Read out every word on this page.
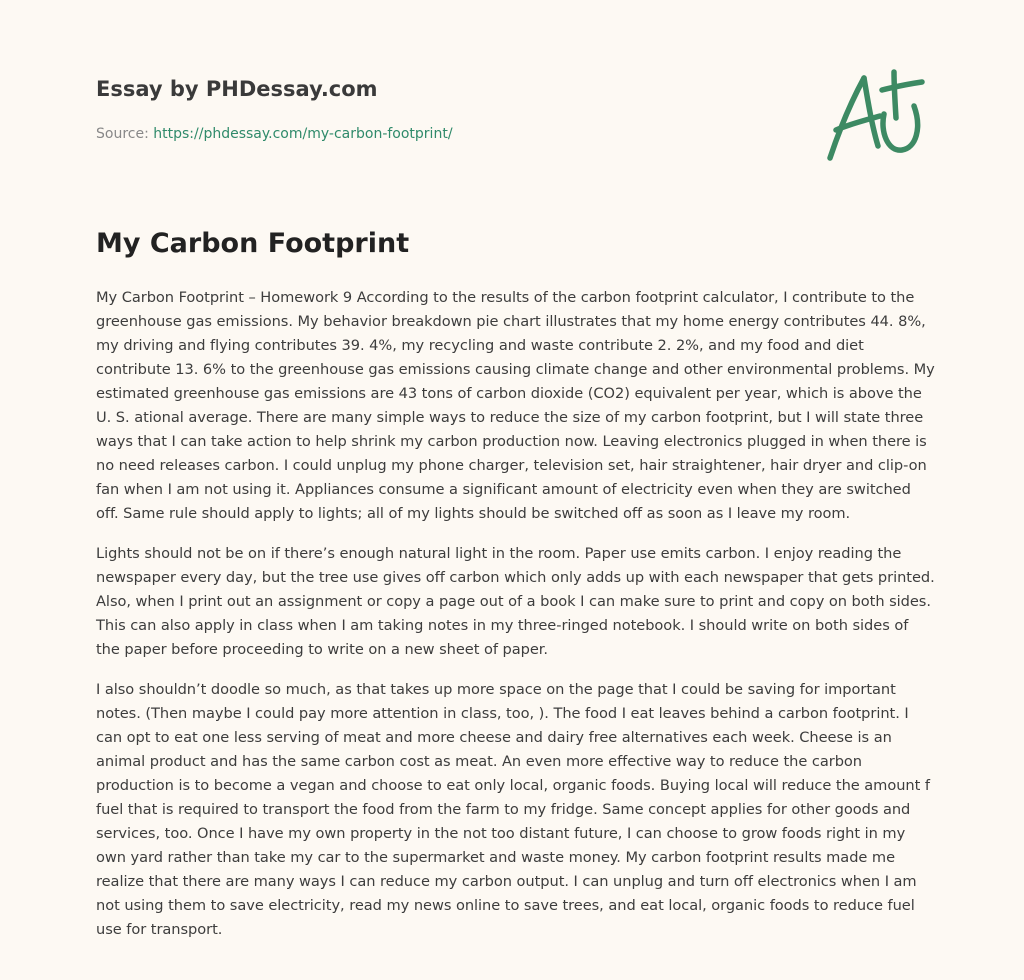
Essay by PHDessay.com
Source: https://phdessay.com/my-carbon-footprint/
My Carbon Footprint

My Carbon Footprint – Homework 9 According to the results of the carbon footprint calculator, I contribute to the greenhouse gas emissions. My behavior breakdown pie chart illustrates that my home energy contributes 44. 8%, my driving and flying contributes 39. 4%, my recycling and waste contribute 2. 2%, and my food and diet contribute 13. 6% to the greenhouse gas emissions causing climate change and other environmental problems. My estimated greenhouse gas emissions are 43 tons of carbon dioxide (CO2) equivalent per year, which is above the U. S. ational average. There are many simple ways to reduce the size of my carbon footprint, but I will state three ways that I can take action to help shrink my carbon production now. Leaving electronics plugged in when there is no need releases carbon. I could unplug my phone charger, television set, hair straightener, hair dryer and clip-on fan when I am not using it. Appliances consume a significant amount of electricity even when they are switched off. Same rule should apply to lights; all of my lights should be switched off as soon as I leave my room.

Lights should not be on if there’s enough natural light in the room. Paper use emits carbon. I enjoy reading the newspaper every day, but the tree use gives off carbon which only adds up with each newspaper that gets printed. Also, when I print out an assignment or copy a page out of a book I can make sure to print and copy on both sides. This can also apply in class when I am taking notes in my three-ringed notebook. I should write on both sides of the paper before proceeding to write on a new sheet of paper.

I also shouldn’t doodle so much, as that takes up more space on the page that I could be saving for important notes. (Then maybe I could pay more attention in class, too, ). The food I eat leaves behind a carbon footprint. I can opt to eat one less serving of meat and more cheese and dairy free alternatives each week. Cheese is an animal product and has the same carbon cost as meat. An even more effective way to reduce the carbon production is to become a vegan and choose to eat only local, organic foods. Buying local will reduce the amount f fuel that is required to transport the food from the farm to my fridge. Same concept applies for other goods and services, too. Once I have my own property in the not too distant future, I can choose to grow foods right in my own yard rather than take my car to the supermarket and waste money. My carbon footprint results made me realize that there are many ways I can reduce my carbon output. I can unplug and turn off electronics when I am not using them to save electricity, read my news online to save trees, and eat local, organic foods to reduce fuel use for transport.
